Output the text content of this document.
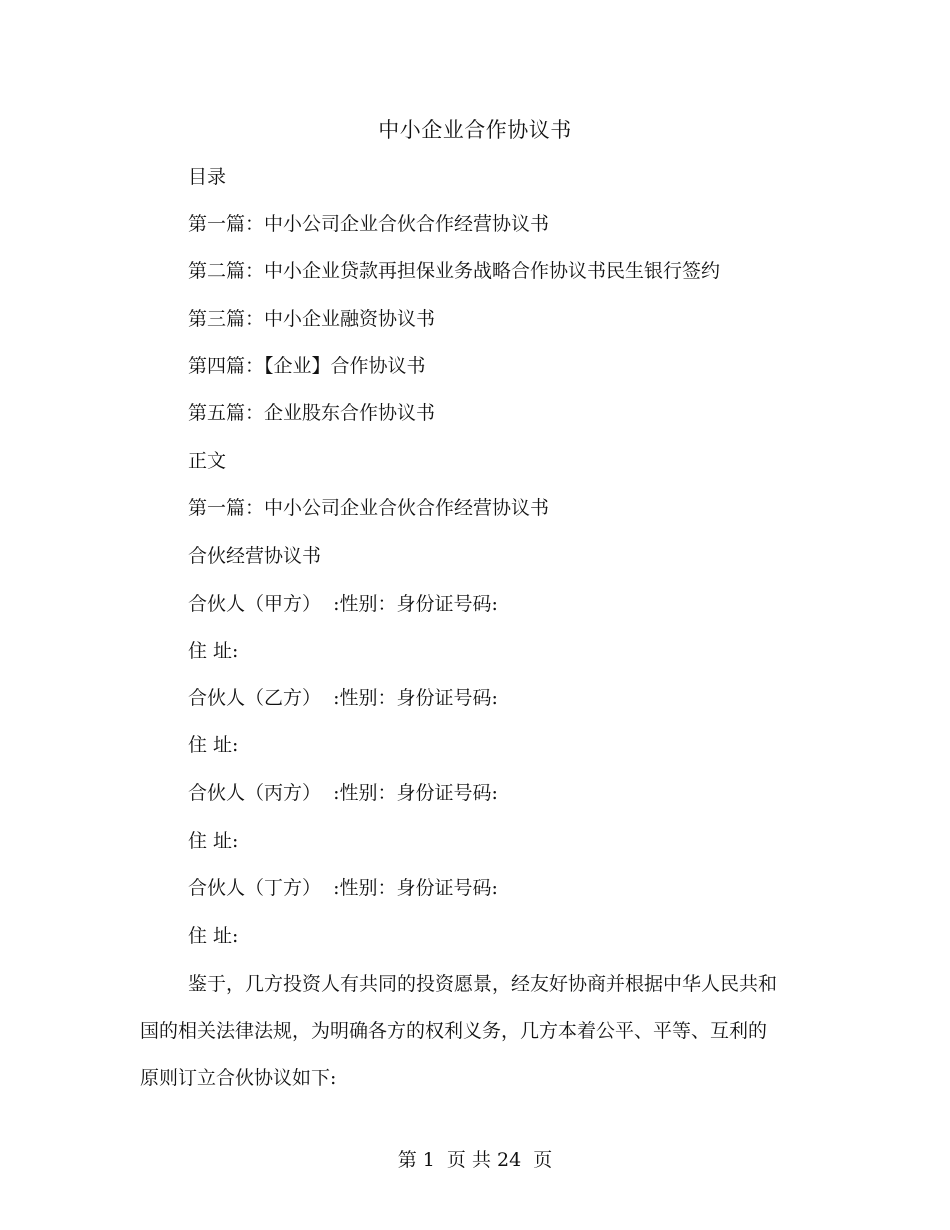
中小企业合作协议书
目录
第一篇：中小公司企业合伙合作经营协议书
第二篇：中小企业贷款再担保业务战略合作协议书民生银行签约
第三篇：中小企业融资协议书
第四篇：【企业】合作协议书
第五篇：企业股东合作协议书
正文
第一篇：中小公司企业合伙合作经营协议书
合伙经营协议书
合伙人（甲方）  :性别：身份证号码:
住 址:
合伙人（乙方）  :性别：身份证号码:
住 址:
合伙人（丙方）  :性别：身份证号码:
住 址:
合伙人（丁方）  :性别：身份证号码:
住 址:

鉴于，几方投资人有共同的投资愿景，经友好协商并根据中华人民共和国的相关法律法规，为明确各方的权利义务，几方本着公平、平等、互利的原则订立合伙协议如下:

第 1  页 共 24  页
